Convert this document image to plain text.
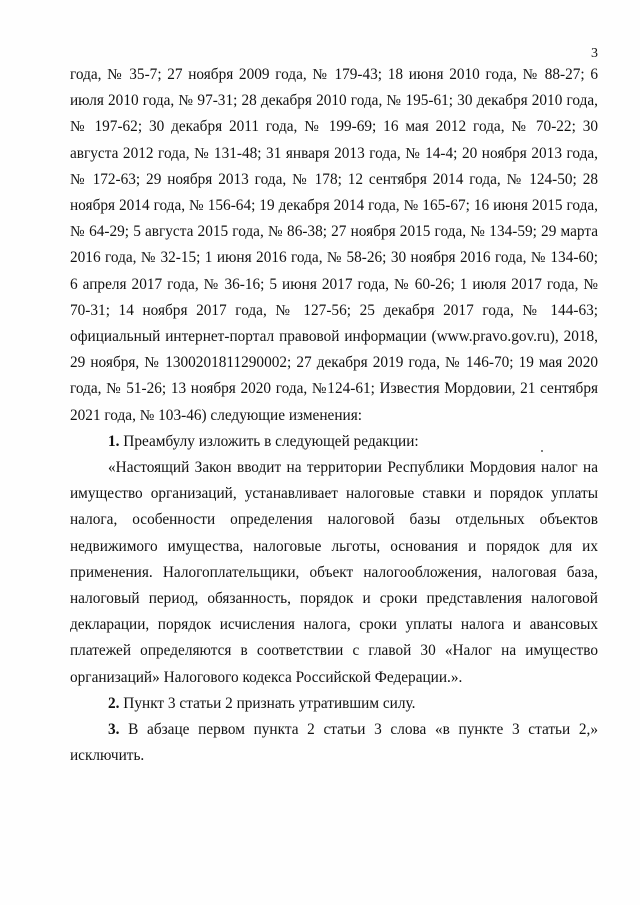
3

года, № 35-7; 27 ноября 2009 года, № 179-43; 18 июня 2010 года, № 88-27; 6 июля 2010 года, № 97-31; 28 декабря 2010 года, № 195-61; 30 декабря 2010 года, № 197-62; 30 декабря 2011 года, № 199-69; 16 мая 2012 года, № 70-22; 30 августа 2012 года, № 131-48; 31 января 2013 года, № 14-4; 20 ноября 2013 года, № 172-63; 29 ноября 2013 года, № 178; 12 сентября 2014 года, № 124-50; 28 ноября 2014 года, № 156-64; 19 декабря 2014 года, № 165-67; 16 июня 2015 года, № 64-29; 5 августа 2015 года, № 86-38; 27 ноября 2015 года, № 134-59; 29 марта 2016 года, № 32-15; 1 июня 2016 года, № 58-26; 30 ноября 2016 года, № 134-60; 6 апреля 2017 года, № 36-16; 5 июня 2017 года, № 60-26; 1 июля 2017 года, № 70-31; 14 ноября 2017 года, № 127-56; 25 декабря 2017 года, № 144-63; официальный интернет-портал правовой информации (www.pravo.gov.ru), 2018, 29 ноября, № 1300201811290002; 27 декабря 2019 года, № 146-70; 19 мая 2020 года, № 51-26; 13 ноября 2020 года, №124-61; Известия Мордовии, 21 сентября 2021 года, № 103-46) следующие изменения:

1. Преамбулу изложить в следующей редакции:

«Настоящий Закон вводит на территории Республики Мордовия налог на имущество организаций, устанавливает налоговые ставки и порядок уплаты налога, особенности определения налоговой базы отдельных объектов недвижимого имущества, налоговые льготы, основания и порядок для их применения. Налогоплательщики, объект налогообложения, налоговая база, налоговый период, обязанность, порядок и сроки представления налоговой декларации, порядок исчисления налога, сроки уплаты налога и авансовых платежей определяются в соответствии с главой 30 «Налог на имущество организаций» Налогового кодекса Российской Федерации.».

2. Пункт 3 статьи 2 признать утратившим силу.

3. В абзаце первом пункта 2 статьи 3 слова «в пункте 3 статьи 2,» исключить.
